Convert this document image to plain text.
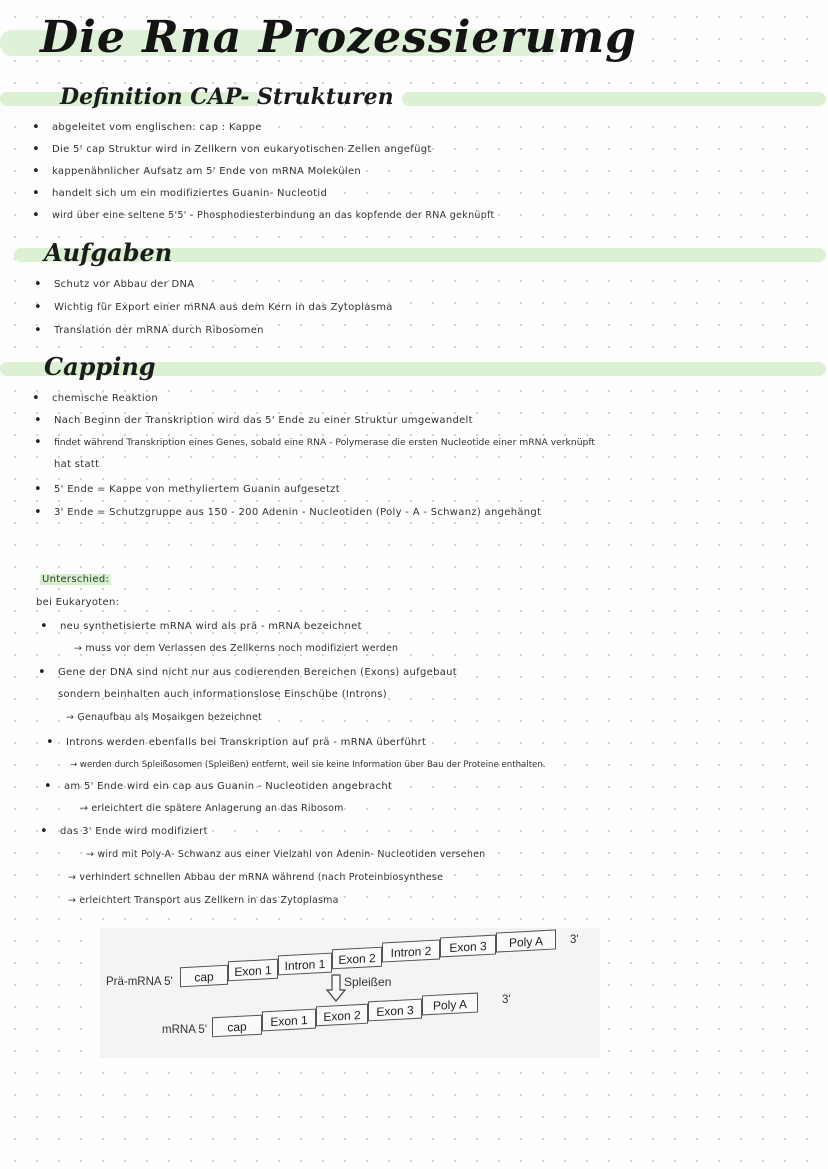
Die Rna Prozessierumg
Definition CAP- Strukturen
• abgeleitet vom englischen: cap : Kappe
• Die 5' cap Struktur wird in Zellkern von eukaryotischen Zellen angefügt
• kappenähnlicher Aufsatz am 5' Ende von mRNA Molekülen
• handelt sich um ein modifiziertes Guanin- Nucleotid
• wird über eine seltene 5'5' - Phosphodiesterbindung an das kopfende der RNA geknüpft
Aufgaben
• Schutz vor Abbau der DNA
• Wichtig für Export einer mRNA aus dem Kern in das Zytoplasma
• Translation der mRNA durch Ribosomen
Capping
• chemische Reaktion
• Nach Beginn der Transkription wird das 5' Ende zu einer Struktur umgewandelt
• findet während Transkription eines Genes, sobald eine RNA - Polymerase die ersten Nucleotide einer mRNA verknüpft
hat statt
• 5' Ende = Kappe von methyliertem Guanin aufgesetzt
• 3' Ende = Schutzgruppe aus 150 - 200 Adenin - Nucleotiden (Poly - A - Schwanz) angehängt
Unterschied:
bei Eukaryoten:
• neu synthetisierte mRNA wird als prä - mRNA bezeichnet
→ muss vor dem Verlassen des Zellkerns noch modifiziert werden
• Gene der DNA sind nicht nur aus codierenden Bereichen (Exons) aufgebaut
sondern beinhalten auch informationslose Einschübe (Introns)
→ Genaufbau als Mosaikgen bezeichnet
• Introns werden ebenfalls bei Transkription auf prä - mRNA überführt
→ werden durch Spleißosomen (Spleißen) entfernt, weil sie keine Information über Bau der Proteine enthalten.
• am 5' Ende wird ein cap aus Guanin - Nucleotiden angebracht
→ erleichtert die spätere Anlagerung an das Ribosom
• das 3' Ende wird modifiziert
→ wird mit Poly-A- Schwanz aus einer Vielzahl von Adenin- Nucleotiden versehen
→ verhindert schnellen Abbau der mRNA während (nach Proteinbiosynthese
→ erleichtert Transport aus Zellkern in das Zytoplasma
Prä-mRNA 5'	cap	Exon 1	Intron 1	Exon 2	Intron 2	Exon 3	Poly A	3'
Spleißen
mRNA 5'	cap	Exon 1	Exon 2	Exon 3	Poly A	3'
